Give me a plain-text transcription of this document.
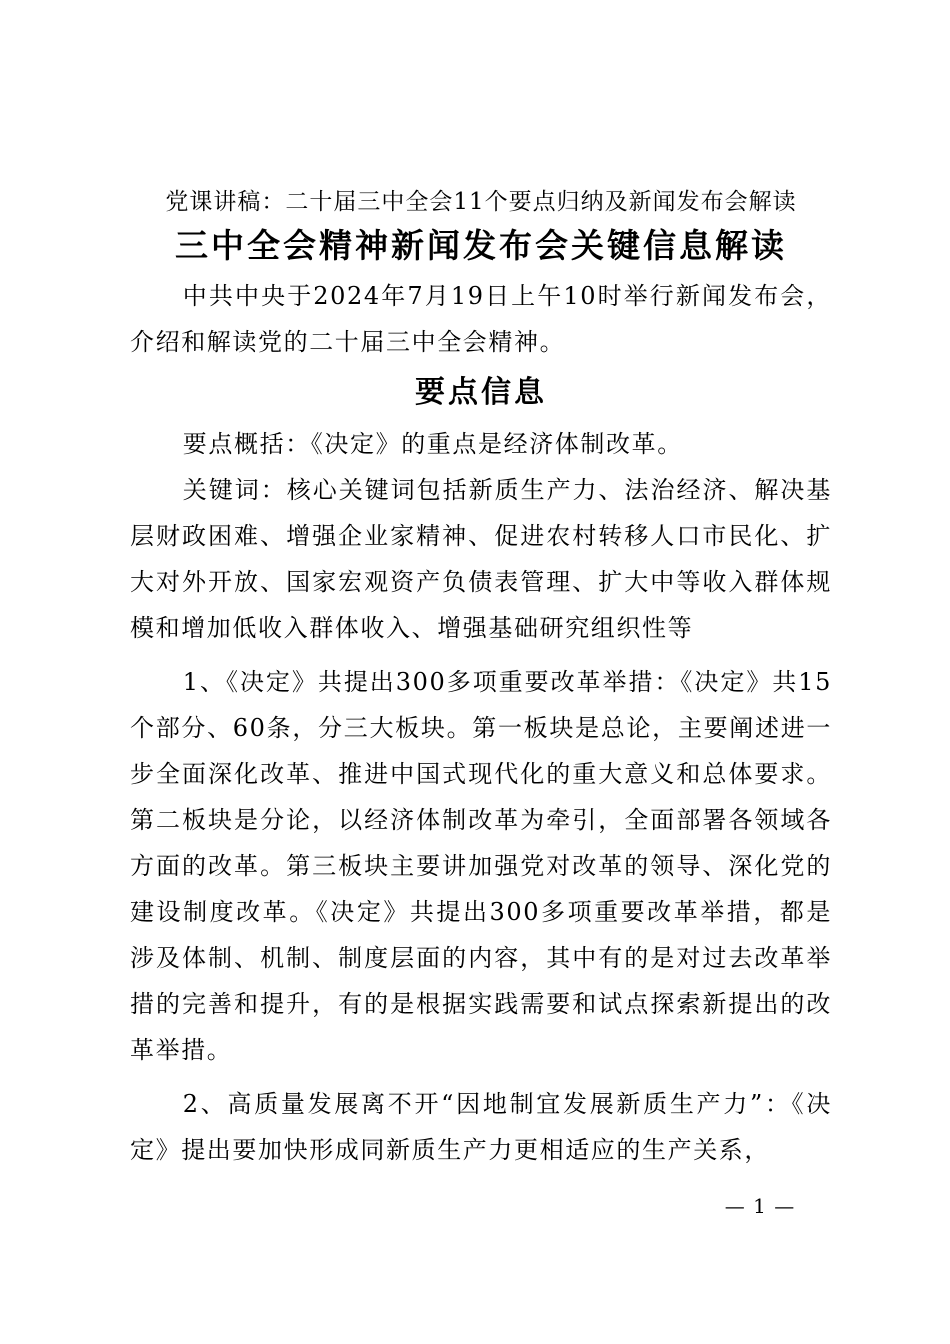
党课讲稿：二十届三中全会11个要点归纳及新闻发布会解读

三中全会精神新闻发布会关键信息解读

中共中央于2024年7月19日上午10时举行新闻发布会，介绍和解读党的二十届三中全会精神。

要点信息

要点概括：《决定》的重点是经济体制改革。

关键词：核心关键词包括新质生产力、法治经济、解决基层财政困难、增强企业家精神、促进农村转移人口市民化、扩大对外开放、国家宏观资产负债表管理、扩大中等收入群体规模和增加低收入群体收入、增强基础研究组织性等

1、《决定》共提出300多项重要改革举措：《决定》共15个部分、60条，分三大板块。第一板块是总论，主要阐述进一步全面深化改革、推进中国式现代化的重大意义和总体要求。第二板块是分论，以经济体制改革为牵引，全面部署各领域各方面的改革。第三板块主要讲加强党对改革的领导、深化党的建设制度改革。《决定》共提出300多项重要改革举措，都是涉及体制、机制、制度层面的内容，其中有的是对过去改革举措的完善和提升，有的是根据实践需要和试点探索新提出的改革举措。

2、高质量发展离不开“因地制宜发展新质生产力”：《决定》提出要加快形成同新质生产力更相适应的生产关系，

— 1 —
